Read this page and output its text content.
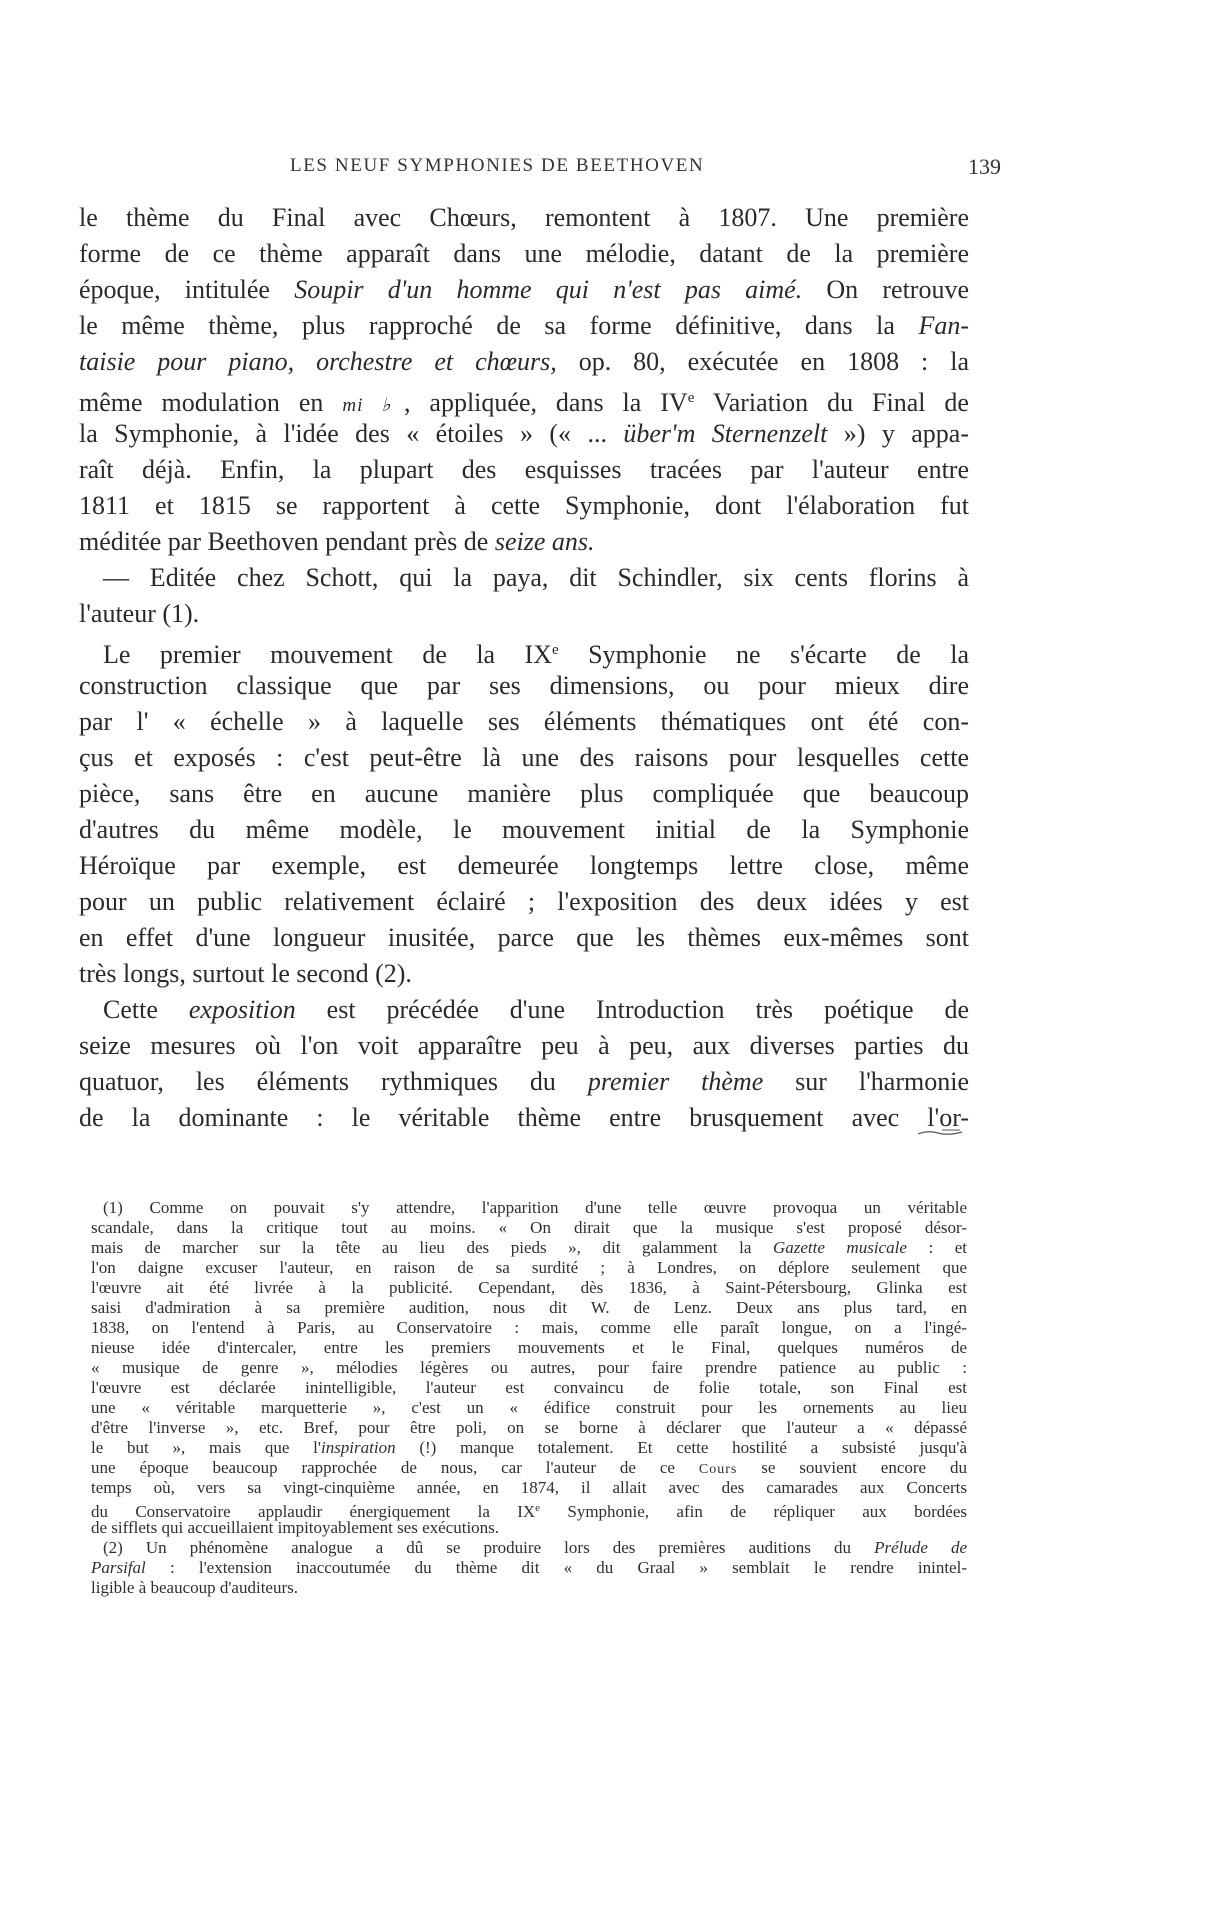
LES NEUF SYMPHONIES DE BEETHOVEN	139
le thème du Final avec Chœurs, remontent à 1807. Une première
forme de ce thème apparaît dans une mélodie, datant de la première
époque, intitulée Soupir d'un homme qui n'est pas aimé. On retrouve
le même thème, plus rapproché de sa forme définitive, dans la Fan-
taisie pour piano, orchestre et chœurs, op. 80, exécutée en 1808 : la
même modulation en mi ♭, appliquée, dans la IVe Variation du Final de
la Symphonie, à l'idée des « étoiles » (« ... über'm Sternenzelt ») y appa-
raît déjà. Enfin, la plupart des esquisses tracées par l'auteur entre
1811 et 1815 se rapportent à cette Symphonie, dont l'élaboration fut
méditée par Beethoven pendant près de seize ans.
— Editée chez Schott, qui la paya, dit Schindler, six cents florins à
l'auteur (1).
Le premier mouvement de la IXe Symphonie ne s'écarte de la
construction classique que par ses dimensions, ou pour mieux dire
par l' « échelle » à laquelle ses éléments thématiques ont été con-
çus et exposés : c'est peut-être là une des raisons pour lesquelles cette
pièce, sans être en aucune manière plus compliquée que beaucoup
d'autres du même modèle, le mouvement initial de la Symphonie
Héroïque par exemple, est demeurée longtemps lettre close, même
pour un public relativement éclairé ; l'exposition des deux idées y est
en effet d'une longueur inusitée, parce que les thèmes eux-mêmes sont
très longs, surtout le second (2).
Cette exposition est précédée d'une Introduction très poétique de
seize mesures où l'on voit apparaître peu à peu, aux diverses parties du
quatuor, les éléments rythmiques du premier thème sur l'harmonie
de la dominante : le véritable thème entre brusquement avec l'or-
(1) Comme on pouvait s'y attendre, l'apparition d'une telle œuvre provoqua un véritable
scandale, dans la critique tout au moins. « On dirait que la musique s'est proposé désor-
mais de marcher sur la tête au lieu des pieds », dit galamment la Gazette musicale : et
l'on daigne excuser l'auteur, en raison de sa surdité ; à Londres, on déplore seulement que
l'œuvre ait été livrée à la publicité. Cependant, dès 1836, à Saint-Pétersbourg, Glinka est
saisi d'admiration à sa première audition, nous dit W. de Lenz. Deux ans plus tard, en
1838, on l'entend à Paris, au Conservatoire : mais, comme elle paraît longue, on a l'ingé-
nieuse idée d'intercaler, entre les premiers mouvements et le Final, quelques numéros de
« musique de genre », mélodies légères ou autres, pour faire prendre patience au public :
l'œuvre est déclarée inintelligible, l'auteur est convaincu de folie totale, son Final est
une « véritable marquetterie », c'est un « édifice construit pour les ornements au lieu
d'être l'inverse », etc. Bref, pour être poli, on se borne à déclarer que l'auteur a « dépassé
le but », mais que l'inspiration (!) manque totalement. Et cette hostilité a subsisté jusqu'à
une époque beaucoup rapprochée de nous, car l'auteur de ce Cours se souvient encore du
temps où, vers sa vingt-cinquième année, en 1874, il allait avec des camarades aux Concerts
du Conservatoire applaudir énergiquement la IXe Symphonie, afin de répliquer aux bordées
de sifflets qui accueillaient impitoyablement ses exécutions.
(2) Un phénomène analogue a dû se produire lors des premières auditions du Prélude de
Parsifal : l'extension inaccoutumée du thème dit « du Graal » semblait le rendre inintel-
ligible à beaucoup d'auditeurs.
